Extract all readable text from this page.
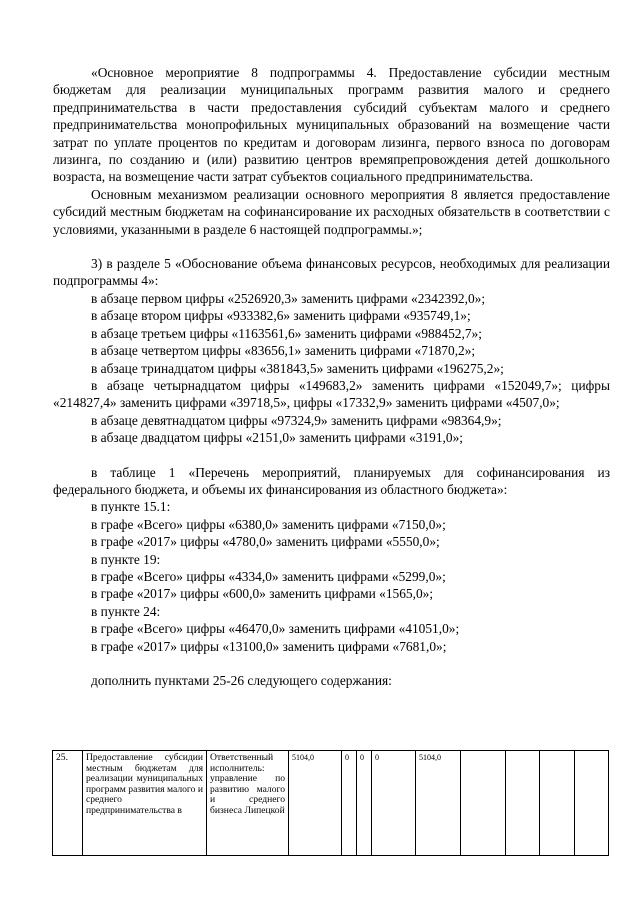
«Основное мероприятие 8 подпрограммы 4. Предоставление субсидии местным бюджетам для реализации муниципальных программ развития малого и среднего предпринимательства в части предоставления субсидий субъектам малого и среднего предпринимательства монопрофильных муниципальных образований на возмещение части затрат по уплате процентов по кредитам и договорам лизинга, первого взноса по договорам лизинга, по созданию и (или) развитию центров времяпрепровождения детей дошкольного возраста, на возмещение части затрат субъектов социального предпринимательства.

Основным механизмом реализации основного мероприятия 8 является предоставление субсидий местным бюджетам на софинансирование их расходных обязательств в соответствии с условиями, указанными в разделе 6 настоящей подпрограммы.»;

3) в разделе 5 «Обоснование объема финансовых ресурсов, необходимых для реализации подпрограммы 4»:

в абзаце первом цифры «2526920,3» заменить цифрами «2342392,0»;

в абзаце втором цифры «933382,6» заменить цифрами «935749,1»;

в абзаце третьем цифры «1163561,6» заменить цифрами «988452,7»;

в абзаце четвертом цифры «83656,1» заменить цифрами «71870,2»;

в абзаце тринадцатом цифры «381843,5» заменить цифрами «196275,2»;

в абзаце четырнадцатом цифры «149683,2» заменить цифрами «152049,7»; цифры «214827,4» заменить цифрами «39718,5», цифры «17332,9» заменить цифрами «4507,0»;

в абзаце девятнадцатом цифры «97324,9» заменить цифрами «98364,9»;

в абзаце двадцатом цифры «2151,0» заменить цифрами «3191,0»;

в таблице 1 «Перечень мероприятий, планируемых для софинансирования из федерального бюджета, и объемы их финансирования из областного бюджета»:

в пункте 15.1:

в графе «Всего» цифры «6380,0» заменить цифрами «7150,0»;

в графе «2017» цифры «4780,0» заменить цифрами «5550,0»;

в пункте 19:

в графе «Всего» цифры «4334,0» заменить цифрами «5299,0»;

в графе «2017» цифры «600,0» заменить цифрами «1565,0»;

в пункте 24:

в графе «Всего» цифры «46470,0» заменить цифрами «41051,0»;

в графе «2017» цифры «13100,0» заменить цифрами «7681,0»;

дополнить пунктами 25-26 следующего содержания:

25.	Предоставление субсидии местным бюджетам для реализации муниципальных программ развития малого и среднего предпринимательства в	Ответственный исполнитель: управление по развитию малого и среднего бизнеса Липецкой	5104,0	0	0	0	5104,0				
